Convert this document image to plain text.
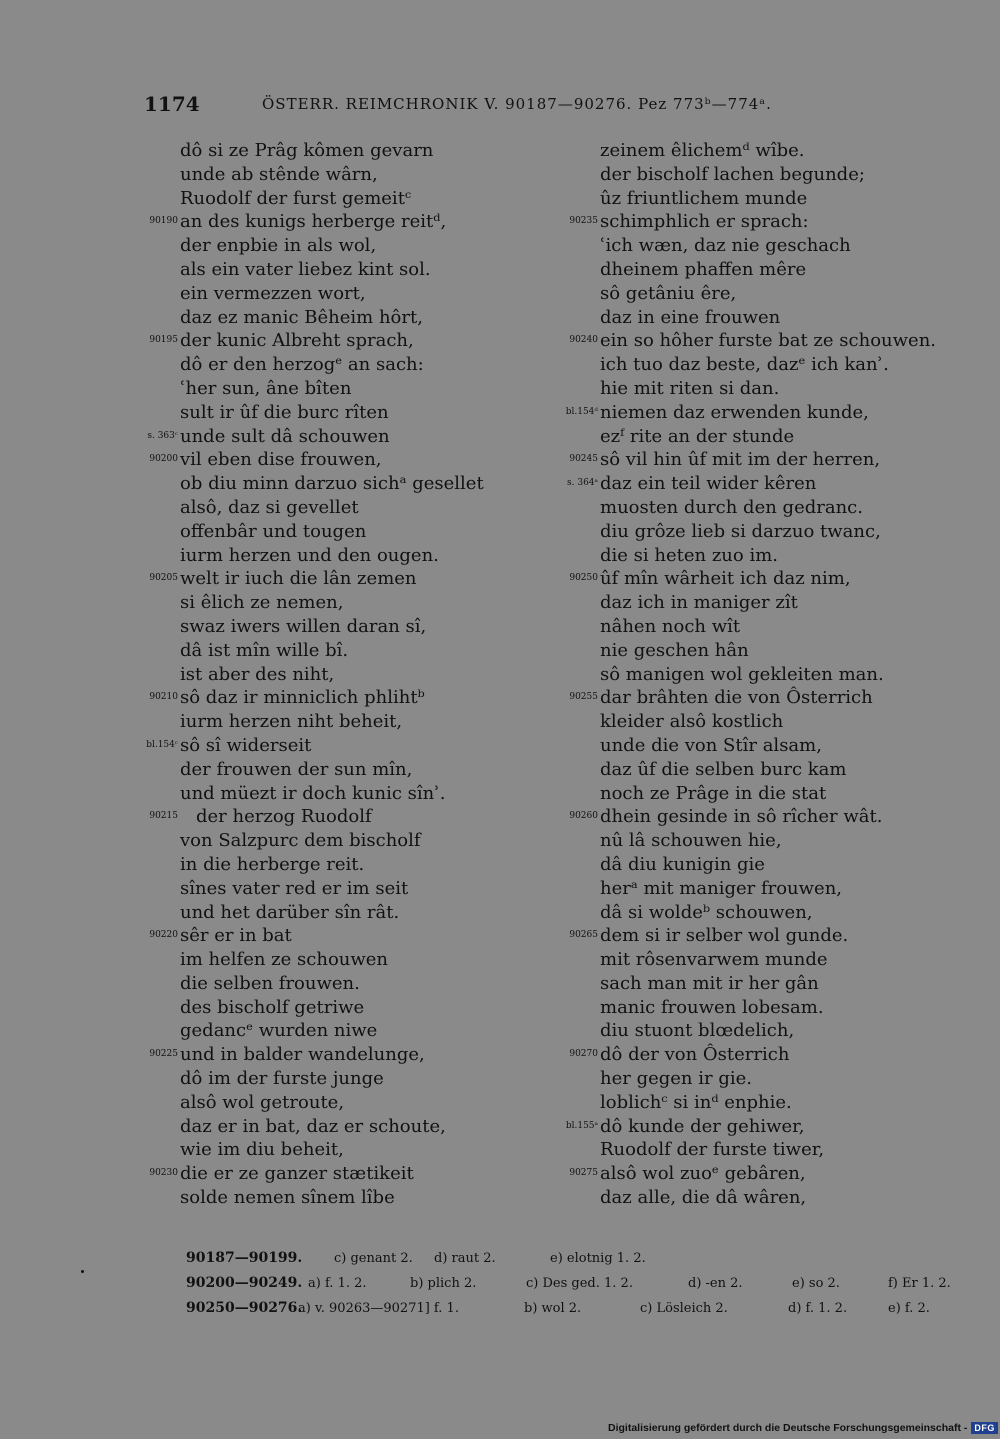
1174	ÖSTERR. REIMCHRONIK V. 90187—90276. Pez 773ᵇ—774ᵃ.
dô si ze Prâg kômen gevarn
unde ab stênde wârn,
Ruodolf der furst gemeitᶜ
90190 an des kunigs herberge reitᵈ,
der enpbie in als wol,
als ein vater liebez kint sol.
ein vermezzen wort,
daz ez manic Bêheim hôrt,
90195 der kunic Albreht sprach,
dô er den herzogᵉ an sach:
ʿher sun, âne bîten
sult ir ûf die burc rîten
s. 363ᶜ unde sult dâ schouwen
90200 vil eben dise frouwen,
ob diu minn darzuo sichᵃ gesellet
alsô, daz si gevellet
offenbâr und tougen
iurm herzen und den ougen.
90205 welt ir iuch die lân zemen
si êlich ze nemen,
swaz iwers willen daran sî,
dâ ist mîn wille bî.
ist aber des niht,
90210 sô daz ir minniclich phlihtᵇ
iurm herzen niht beheit,
bl.154ᶜ sô sî widerseit
der frouwen der sun mîn,
und müezt ir doch kunic sînʾ.
90215 der herzog Ruodolf
von Salzpurc dem bischolf
in die herberge reit.
sînes vater red er im seit
und het darüber sîn rât.
90220 sêr er in bat
im helfen ze schouwen
die selben frouwen.
des bischolf getriwe
gedancᵉ wurden niwe
90225 und in balder wandelunge,
dô im der furste junge
alsô wol getroute,
daz er in bat, daz er schoute,
wie im diu beheit,
90230 die er ze ganzer stætikeit
solde nemen sînem lîbe
zeinem êlichemᵈ wîbe.
der bischolf lachen begunde;
ûz friuntlichem munde
90235 schimphlich er sprach:
ʿich wæn, daz nie geschach
dheinem phaffen mêre
sô getâniu êre,
daz in eine frouwen
90240 ein so hôher furste bat ze schouwen.
ich tuo daz beste, dazᵉ ich kanʾ.
hie mit riten si dan.
bl.154ᵈ niemen daz erwenden kunde,
ezᶠ rite an der stunde
90245 sô vil hin ûf mit im der herren,
s. 364ᵃ daz ein teil wider kêren
muosten durch den gedranc.
diu grôze lieb si darzuo twanc,
die si heten zuo im.
90250 ûf mîn wârheit ich daz nim,
daz ich in maniger zît
nâhen noch wît
nie geschen hân
sô manigen wol gekleiten man.
90255 dar brâhten die von Ôsterrich
kleider alsô kostlich
unde die von Stîr alsam,
daz ûf die selben burc kam
noch ze Prâge in die stat
90260 dhein gesinde in sô rîcher wât.
nû lâ schouwen hie,
dâ diu kunigin gie
herᵃ mit maniger frouwen,
dâ si woldeᵇ schouwen,
90265 dem si ir selber wol gunde.
mit rôsenvarwem munde
sach man mit ir her gân
manic frouwen lobesam.
diu stuont blœdelich,
90270 dô der von Ôsterrich
her gegen ir gie.
loblichᶜ si inᵈ enphie.
bl.155ᵃ dô kunde der gehiwer,
Ruodolf der furste tiwer,
90275 alsô wol zuoᵉ gebâren,
daz alle, die dâ wâren,
90187—90199. c) genant 2. d) raut 2.	e) elotnig 1. 2.
90200—90249. a) f. 1. 2.	b) plich 2.	c) Des ged. 1. 2.	d) -en 2.	e) so 2.	f) Er 1. 2.
90250—90276.
a) v. 90263—90271] f. 1.	b) wol 2.	c) Lösleich 2.	d) f. 1. 2.	e) f. 2.
Digitalisierung gefördert durch die Deutsche Forschungsgemeinschaft - DFG
